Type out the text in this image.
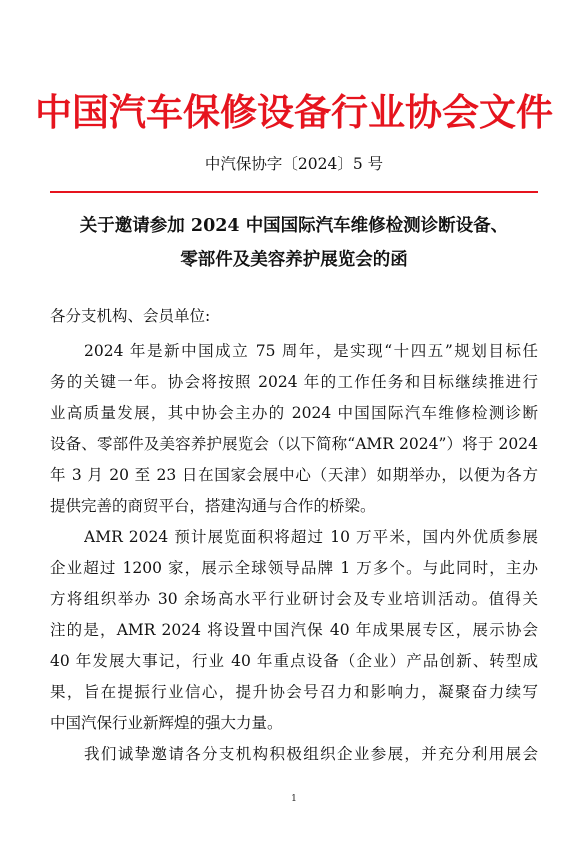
中国汽车保修设备行业协会文件
中汽保协字〔2024〕5 号
关于邀请参加 2024 中国国际汽车维修检测诊断设备、
零部件及美容养护展览会的函
各分支机构、会员单位:
2024 年是新中国成立 75 周年，是实现“十四五”规划目标任
务的关键一年。协会将按照 2024 年的工作任务和目标继续推进行
业高质量发展，其中协会主办的 2024 中国国际汽车维修检测诊断
设备、零部件及美容养护展览会（以下简称“AMR 2024”）将于 2024
年 3 月 20 至 23 日在国家会展中心（天津）如期举办，以便为各方
提供完善的商贸平台，搭建沟通与合作的桥梁。
AMR 2024 预计展览面积将超过 10 万平米，国内外优质参展
企业超过 1200 家，展示全球领导品牌 1 万多个。与此同时，主办
方将组织举办 30 余场高水平行业研讨会及专业培训活动。值得关
注的是，AMR 2024 将设置中国汽保 40 年成果展专区，展示协会
40 年发展大事记，行业 40 年重点设备（企业）产品创新、转型成
果，旨在提振行业信心，提升协会号召力和影响力，凝聚奋力续写
中国汽保行业新辉煌的强大力量。
我们诚挚邀请各分支机构积极组织企业参展，并充分利用展会
1
